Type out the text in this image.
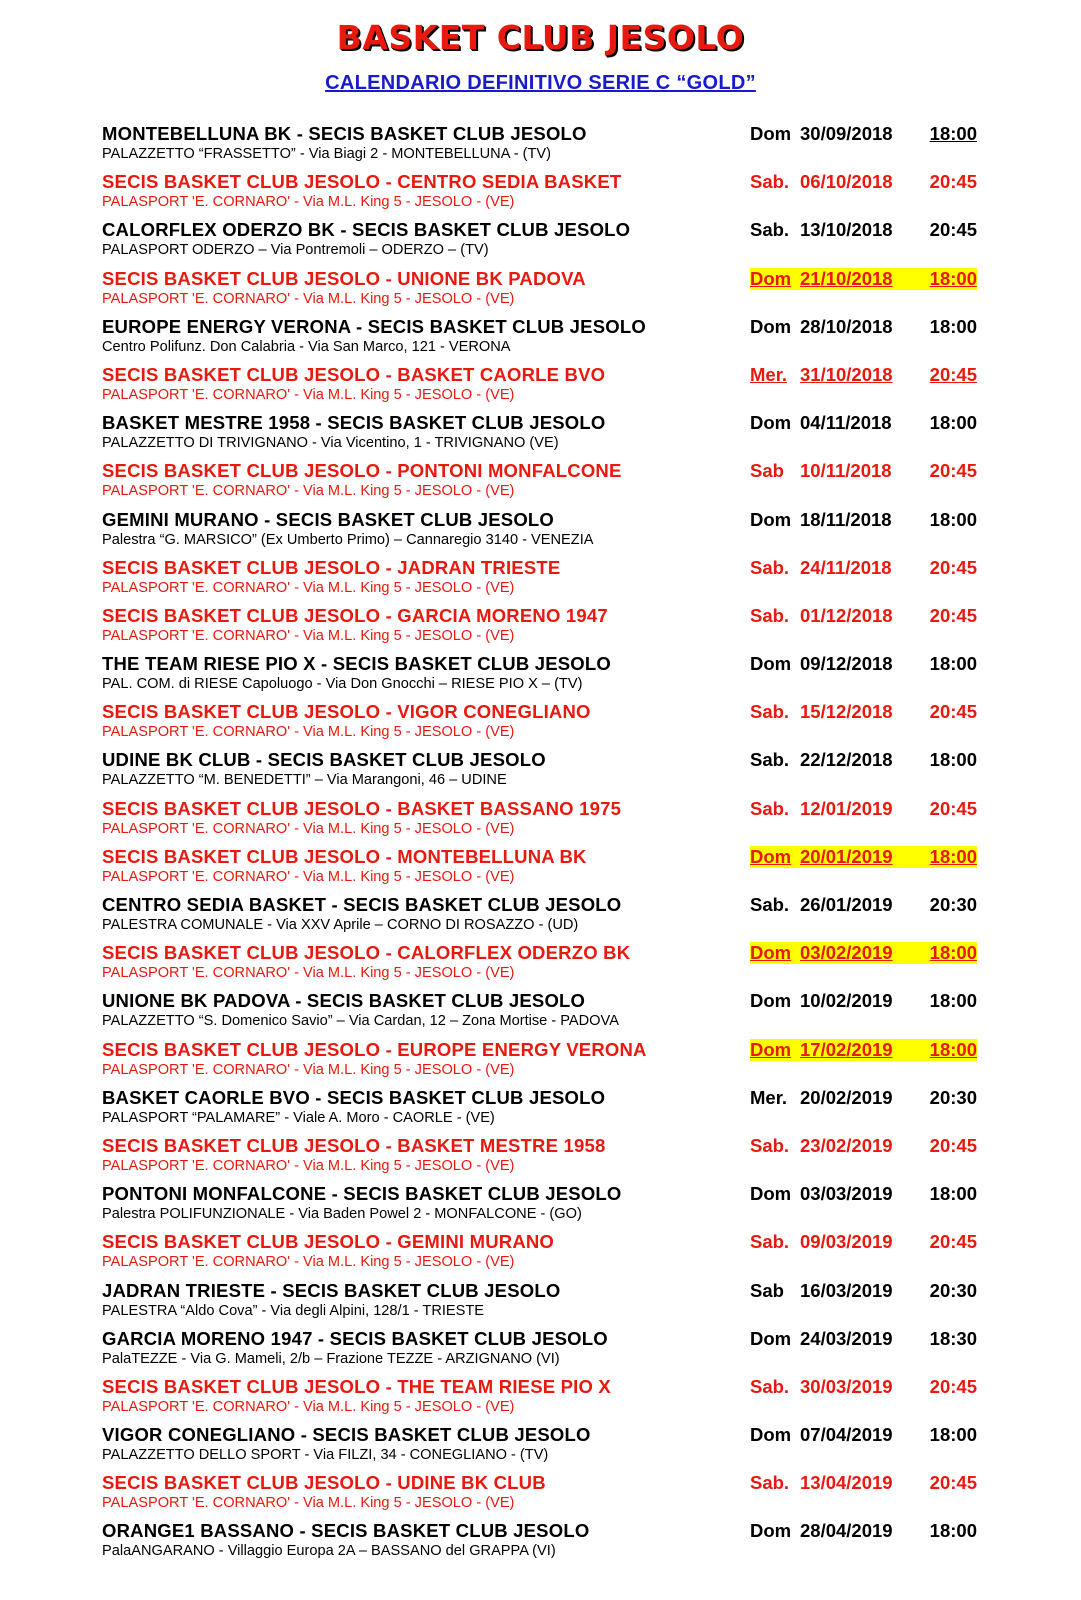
BASKET CLUB JESOLO
CALENDARIO DEFINITIVO SERIE C “GOLD”
MONTEBELLUNA BK - SECIS BASKET CLUB JESOLO
PALAZZETTO “FRASSETTO” - Via Biagi 2 - MONTEBELLUNA - (TV)
Dom 30/09/2018 18:00
SECIS BASKET CLUB JESOLO - CENTRO SEDIA BASKET
PALASPORT 'E. CORNARO' - Via M.L. King 5 - JESOLO - (VE)
Sab. 06/10/2018 20:45
CALORFLEX ODERZO BK - SECIS BASKET CLUB JESOLO
PALASPORT ODERZO – Via Pontremoli – ODERZO – (TV)
Sab. 13/10/2018 20:45
SECIS BASKET CLUB JESOLO - UNIONE BK PADOVA
PALASPORT 'E. CORNARO' - Via M.L. King 5 - JESOLO - (VE)
Dom 21/10/2018 18:00
EUROPE ENERGY VERONA - SECIS BASKET CLUB JESOLO
Centro Polifunz. Don Calabria - Via San Marco, 121 - VERONA
Dom 28/10/2018 18:00
SECIS BASKET CLUB JESOLO - BASKET CAORLE BVO
PALASPORT 'E. CORNARO' - Via M.L. King 5 - JESOLO - (VE)
Mer. 31/10/2018 20:45
BASKET MESTRE 1958 - SECIS BASKET CLUB JESOLO
PALAZZETTO DI TRIVIGNANO - Via Vicentino, 1 - TRIVIGNANO (VE)
Dom 04/11/2018 18:00
SECIS BASKET CLUB JESOLO - PONTONI MONFALCONE
PALASPORT 'E. CORNARO' - Via M.L. King 5 - JESOLO - (VE)
Sab 10/11/2018 20:45
GEMINI MURANO - SECIS BASKET CLUB JESOLO
Palestra “G. MARSICO” (Ex Umberto Primo) – Cannaregio 3140 - VENEZIA
Dom 18/11/2018 18:00
SECIS BASKET CLUB JESOLO - JADRAN TRIESTE
PALASPORT 'E. CORNARO' - Via M.L. King 5 - JESOLO - (VE)
Sab. 24/11/2018 20:45
SECIS BASKET CLUB JESOLO - GARCIA MORENO 1947
PALASPORT 'E. CORNARO' - Via M.L. King 5 - JESOLO - (VE)
Sab. 01/12/2018 20:45
THE TEAM RIESE PIO X - SECIS BASKET CLUB JESOLO
PAL. COM. di RIESE Capoluogo - Via Don Gnocchi – RIESE PIO X – (TV)
Dom 09/12/2018 18:00
SECIS BASKET CLUB JESOLO - VIGOR CONEGLIANO
PALASPORT 'E. CORNARO' - Via M.L. King 5 - JESOLO - (VE)
Sab. 15/12/2018 20:45
UDINE BK CLUB - SECIS BASKET CLUB JESOLO
PALAZZETTO “M. BENEDETTI” – Via Marangoni, 46 – UDINE
Sab. 22/12/2018 18:00
SECIS BASKET CLUB JESOLO - BASKET BASSANO 1975
PALASPORT 'E. CORNARO' - Via M.L. King 5 - JESOLO - (VE)
Sab. 12/01/2019 20:45
SECIS BASKET CLUB JESOLO - MONTEBELLUNA BK
PALASPORT 'E. CORNARO' - Via M.L. King 5 - JESOLO - (VE)
Dom 20/01/2019 18:00
CENTRO SEDIA BASKET - SECIS BASKET CLUB JESOLO
PALESTRA COMUNALE - Via XXV Aprile – CORNO DI ROSAZZO - (UD)
Sab. 26/01/2019 20:30
SECIS BASKET CLUB JESOLO - CALORFLEX ODERZO BK
PALASPORT 'E. CORNARO' - Via M.L. King 5 - JESOLO - (VE)
Dom 03/02/2019 18:00
UNIONE BK PADOVA - SECIS BASKET CLUB JESOLO
PALAZZETTO “S. Domenico Savio” – Via Cardan, 12 – Zona Mortise - PADOVA
Dom 10/02/2019 18:00
SECIS BASKET CLUB JESOLO - EUROPE ENERGY VERONA
PALASPORT 'E. CORNARO' - Via M.L. King 5 - JESOLO - (VE)
Dom 17/02/2019 18:00
BASKET CAORLE BVO - SECIS BASKET CLUB JESOLO
PALASPORT “PALAMARE” - Viale A. Moro - CAORLE - (VE)
Mer. 20/02/2019 20:30
SECIS BASKET CLUB JESOLO - BASKET MESTRE 1958
PALASPORT 'E. CORNARO' - Via M.L. King 5 - JESOLO - (VE)
Sab. 23/02/2019 20:45
PONTONI MONFALCONE - SECIS BASKET CLUB JESOLO
Palestra POLIFUNZIONALE - Via Baden Powel 2 - MONFALCONE - (GO)
Dom 03/03/2019 18:00
SECIS BASKET CLUB JESOLO - GEMINI MURANO
PALASPORT 'E. CORNARO' - Via M.L. King 5 - JESOLO - (VE)
Sab. 09/03/2019 20:45
JADRAN TRIESTE - SECIS BASKET CLUB JESOLO
PALESTRA “Aldo Cova” - Via degli Alpini, 128/1 - TRIESTE
Sab 16/03/2019 20:30
GARCIA MORENO 1947 - SECIS BASKET CLUB JESOLO
PalaTEZZE - Via G. Mameli, 2/b – Frazione TEZZE - ARZIGNANO (VI)
Dom 24/03/2019 18:30
SECIS BASKET CLUB JESOLO - THE TEAM RIESE PIO X
PALASPORT 'E. CORNARO' - Via M.L. King 5 - JESOLO - (VE)
Sab. 30/03/2019 20:45
VIGOR CONEGLIANO - SECIS BASKET CLUB JESOLO
PALAZZETTO DELLO SPORT - Via FILZI, 34 - CONEGLIANO - (TV)
Dom 07/04/2019 18:00
SECIS BASKET CLUB JESOLO - UDINE BK CLUB
PALASPORT 'E. CORNARO' - Via M.L. King 5 - JESOLO - (VE)
Sab. 13/04/2019 20:45
ORANGE1 BASSANO - SECIS BASKET CLUB JESOLO
PalaANGARANO - Villaggio Europa 2A – BASSANO del GRAPPA (VI)
Dom 28/04/2019 18:00
